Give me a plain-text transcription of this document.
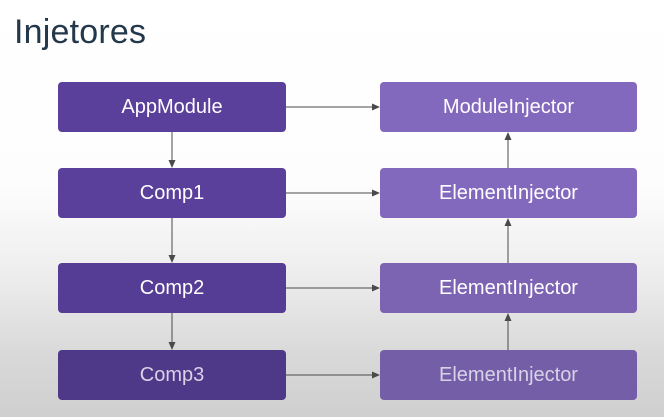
Injetores
AppModule
Comp1
Comp2
Comp3
ModuleInjector
ElementInjector
ElementInjector
ElementInjector
